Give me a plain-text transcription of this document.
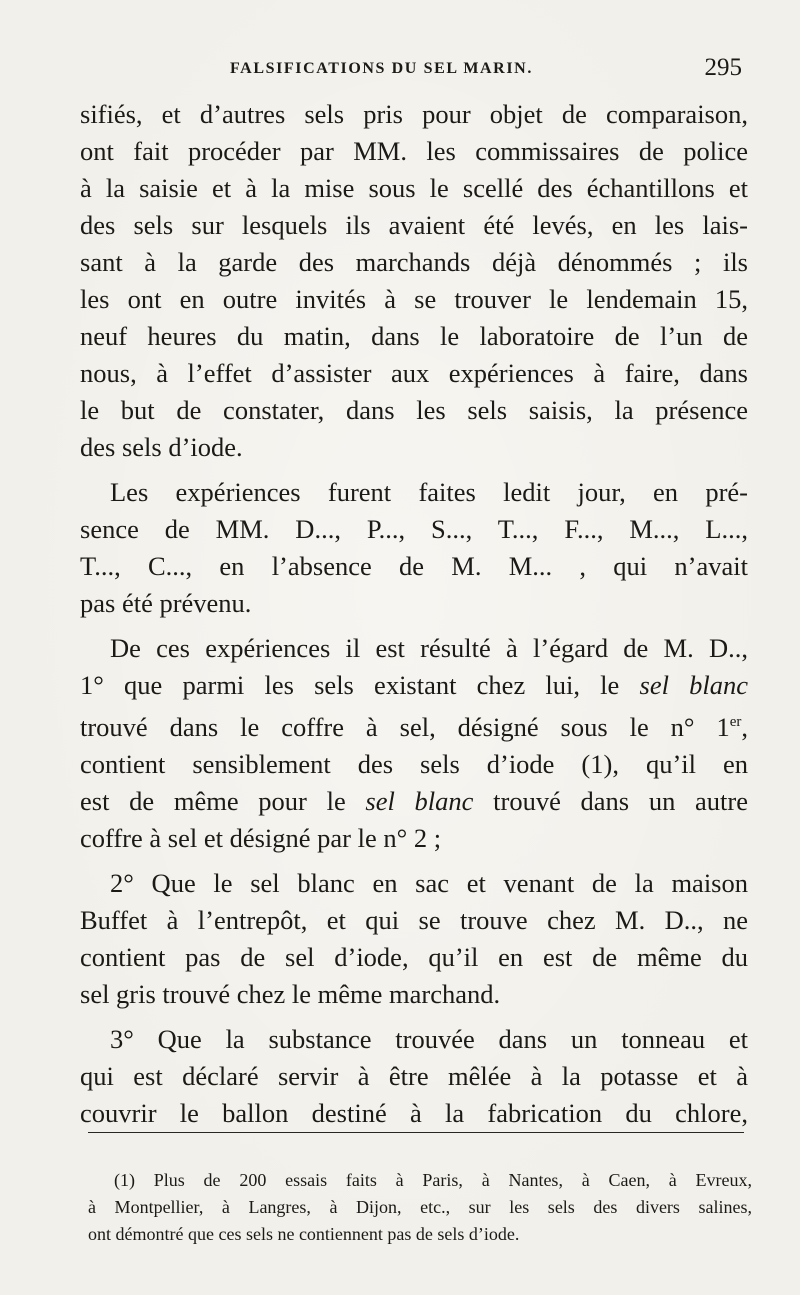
FALSIFICATIONS DU SEL MARIN.	295

sifiés, et d’autres sels pris pour objet de comparaison,
ont fait procéder par MM. les commissaires de police
à la saisie et à la mise sous le scellé des échantillons et
des sels sur lesquels ils avaient été levés, en les lais-
sant à la garde des marchands déjà dénommés ; ils
les ont en outre invités à se trouver le lendemain 15,
neuf heures du matin, dans le laboratoire de l’un de
nous, à l’effet d’assister aux expériences à faire, dans
le but de constater, dans les sels saisis, la présence
des sels d’iode.

Les expériences furent faites ledit jour, en pré-
sence de MM. D..., P..., S..., T..., F..., M..., L...,
T..., C..., en l’absence de M. M... , qui n’avait
pas été prévenu.

De ces expériences il est résulté à l’égard de M. D..,
1° que parmi les sels existant chez lui, le sel blanc
trouvé dans le coffre à sel, désigné sous le n° 1er,
contient sensiblement des sels d’iode (1), qu’il en
est de même pour le sel blanc trouvé dans un autre
coffre à sel et désigné par le n° 2 ;

2° Que le sel blanc en sac et venant de la maison
Buffet à l’entrepôt, et qui se trouve chez M. D.., ne
contient pas de sel d’iode, qu’il en est de même du
sel gris trouvé chez le même marchand.

3° Que la substance trouvée dans un tonneau et
qui est déclaré servir à être mêlée à la potasse et à
couvrir le ballon destiné à la fabrication du chlore,

(1) Plus de 200 essais faits à Paris, à Nantes, à Caen, à Evreux,
à Montpellier, à Langres, à Dijon, etc., sur les sels des divers salines,
ont démontré que ces sels ne contiennent pas de sels d’iode.
